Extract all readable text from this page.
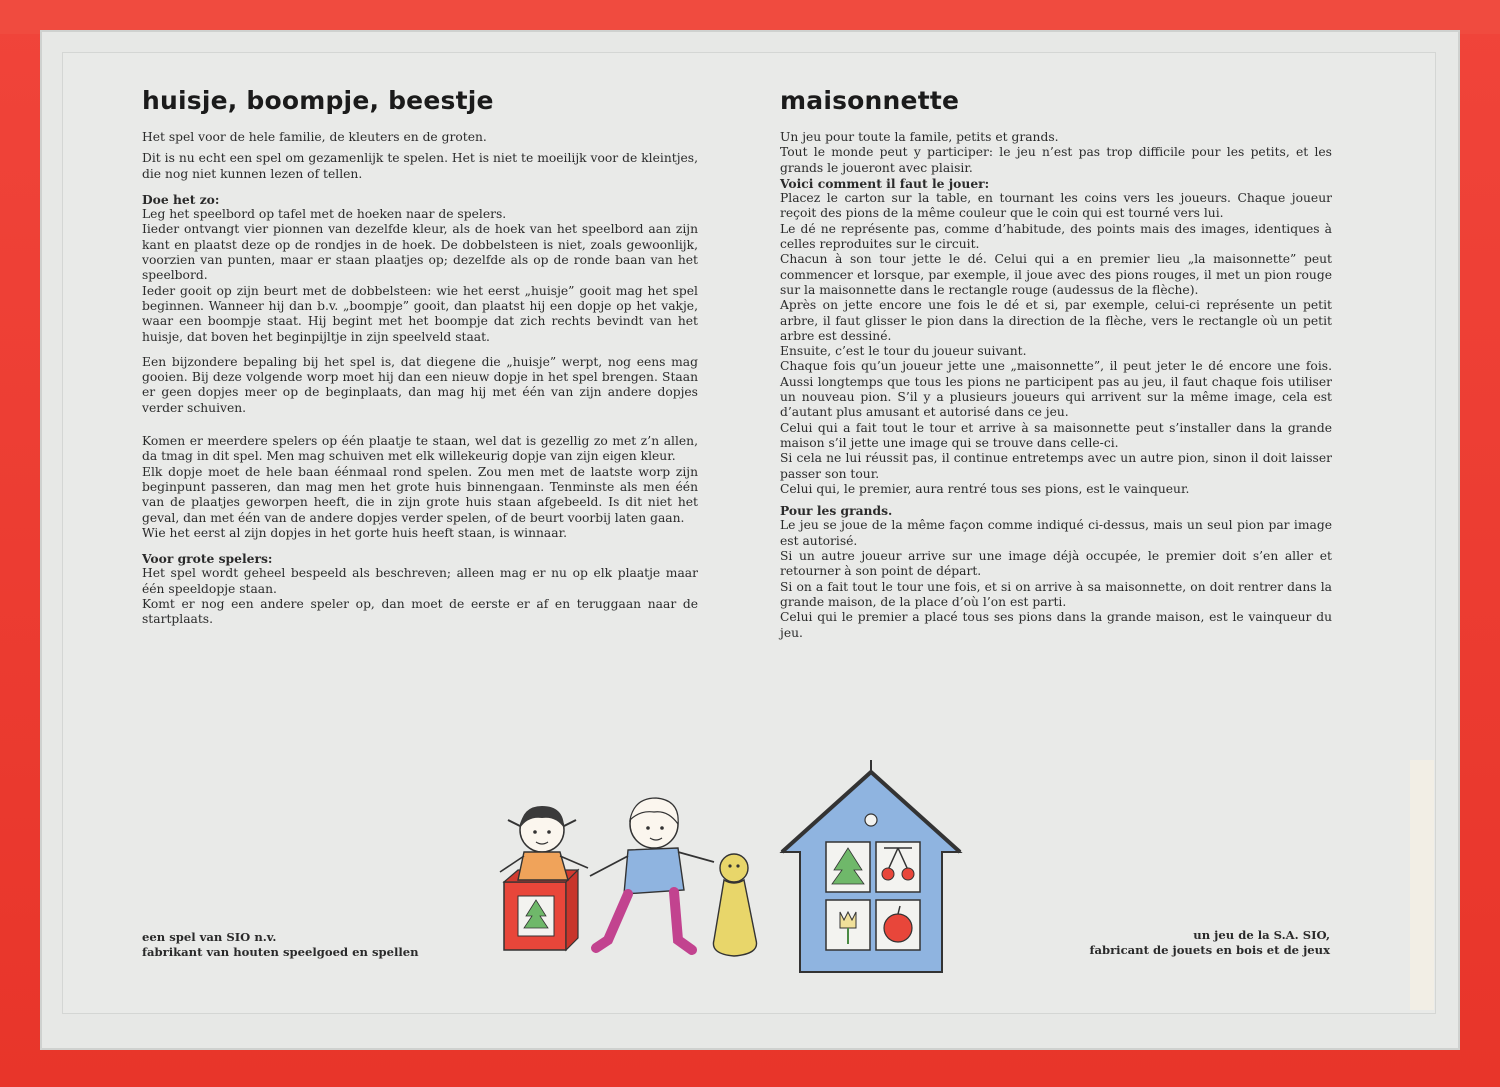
huisje, boompje, beestje

Het spel voor de hele familie, de kleuters en de groten.

Dit is nu echt een spel om gezamenlijk te spelen. Het is niet te moeilijk voor de kleintjes, die nog niet kunnen lezen of tellen.

Doe het zo:

Leg het speelbord op tafel met de hoeken naar de spelers.

Iieder ontvangt vier pionnen van dezelfde kleur, als de hoek van het speelbord aan zijn kant en plaatst deze op de rondjes in de hoek. De dobbelsteen is niet, zoals gewoonlijk, voorzien van punten, maar er staan plaatjes op; dezelfde als op de ronde baan van het speelbord.

Ieder gooit op zijn beurt met de dobbelsteen: wie het eerst „huisje” gooit mag het spel beginnen. Wanneer hij dan b.v. „boompje” gooit, dan plaatst hij een dopje op het vakje, waar een boompje staat. Hij begint met het boompje dat zich rechts bevindt van het huisje, dat boven het beginpijltje in zijn speelveld staat.

Een bijzondere bepaling bij het spel is, dat diegene die „huisje” werpt, nog eens mag gooien. Bij deze volgende worp moet hij dan een nieuw dopje in het spel brengen. Staan er geen dopjes meer op de beginplaats, dan mag hij met één van zijn andere dopjes verder schuiven.

Komen er meerdere spelers op één plaatje te staan, wel dat is gezellig zo met z’n allen, da tmag in dit spel. Men mag schuiven met elk willekeurig dopje van zijn eigen kleur.

Elk dopje moet de hele baan éénmaal rond spelen. Zou men met de laatste worp zijn beginpunt passeren, dan mag men het grote huis binnengaan. Tenminste als men één van de plaatjes geworpen heeft, die in zijn grote huis staan afgebeeld. Is dit niet het geval, dan met één van de andere dopjes verder spelen, of de beurt voorbij laten gaan.

Wie het eerst al zijn dopjes in het gorte huis heeft staan, is winnaar.

Voor grote spelers:

Het spel wordt geheel bespeeld als beschreven; alleen mag er nu op elk plaatje maar één speeldopje staan.

Komt er nog een andere speler op, dan moet de eerste er af en teruggaan naar de startplaats.

een spel van SIO n.v.
fabrikant van houten speelgoed en spellen
maisonnette

Un jeu pour toute la famile, petits et grands.

Tout le monde peut y participer: le jeu n’est pas trop difficile pour les petits, et les grands le joueront avec plaisir.

Voici comment il faut le jouer:

Placez le carton sur la table, en tournant les coins vers les joueurs. Chaque joueur reçoit des pions de la même couleur que le coin qui est tourné vers lui.

Le dé ne représente pas, comme d’habitude, des points mais des images, identiques à celles reproduites sur le circuit.

Chacun à son tour jette le dé. Celui qui a en premier lieu „la maisonnette” peut commencer et lorsque, par exemple, il joue avec des pions rouges, il met un pion rouge sur la maisonnette dans le rectangle rouge (audessus de la flèche).

Après on jette encore une fois le dé et si, par exemple, celui-ci représente un petit arbre, il faut glisser le pion dans la direction de la flèche, vers le rectangle où un petit arbre est dessiné.

Ensuite, c’est le tour du joueur suivant.

Chaque fois qu’un joueur jette une „maisonnette”, il peut jeter le dé encore une fois. Aussi longtemps que tous les pions ne participent pas au jeu, il faut chaque fois utiliser un nouveau pion. S’il y a plusieurs joueurs qui arrivent sur la même image, cela est d’autant plus amusant et autorisé dans ce jeu.

Celui qui a fait tout le tour et arrive à sa maisonnette peut s’installer dans la grande maison s’il jette une image qui se trouve dans celle-ci.

Si cela ne lui réussit pas, il continue entretemps avec un autre pion, sinon il doit laisser passer son tour.

Celui qui, le premier, aura rentré tous ses pions, est le vainqueur.

Pour les grands.

Le jeu se joue de la même façon comme indiqué ci-dessus, mais un seul pion par image est autorisé.

Si un autre joueur arrive sur une image déjà occupée, le premier doit s’en aller et retourner à son point de départ.

Si on a fait tout le tour une fois, et si on arrive à sa maisonnette, on doit rentrer dans la grande maison, de la place d’où l’on est parti.

Celui qui le premier a placé tous ses pions dans la grande maison, est le vainqueur du jeu.

un jeu de la S.A. SIO,
fabricant de jouets en bois et de jeux
